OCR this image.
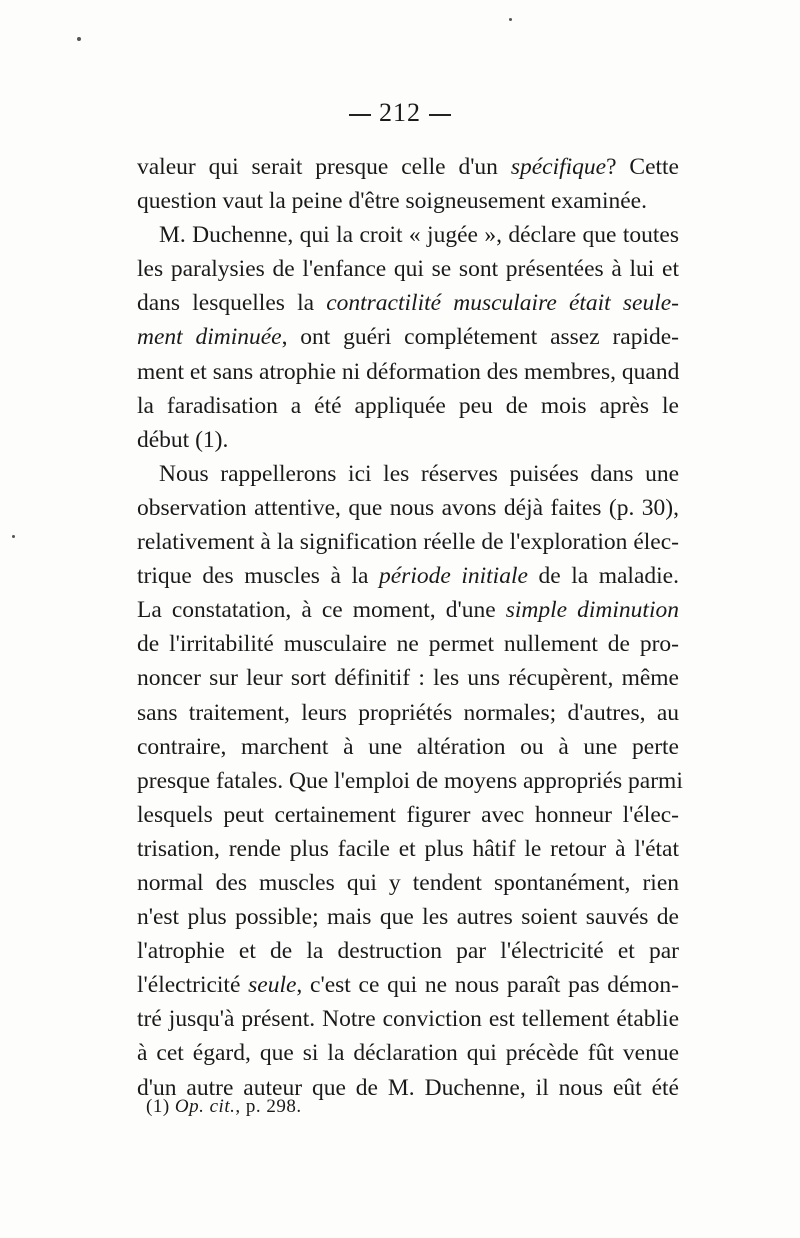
212
valeur qui serait presque celle d'un spécifique? Cette
question vaut la peine d'être soigneusement examinée.
M. Duchenne, qui la croit « jugée », déclare que toutes
les paralysies de l'enfance qui se sont présentées à lui et
dans lesquelles la contractilité musculaire était seule-
ment diminuée, ont guéri complétement assez rapide-
ment et sans atrophie ni déformation des membres, quand
la faradisation a été appliquée peu de mois après le
début (1).
Nous rappellerons ici les réserves puisées dans une
observation attentive, que nous avons déjà faites (p. 30),
relativement à la signification réelle de l'exploration élec-
trique des muscles à la période initiale de la maladie.
La constatation, à ce moment, d'une simple diminution
de l'irritabilité musculaire ne permet nullement de pro-
noncer sur leur sort définitif : les uns récupèrent, même
sans traitement, leurs propriétés normales; d'autres, au
contraire, marchent à une altération ou à une perte
presque fatales. Que l'emploi de moyens appropriés parmi
lesquels peut certainement figurer avec honneur l'élec-
trisation, rende plus facile et plus hâtif le retour à l'état
normal des muscles qui y tendent spontanément, rien
n'est plus possible; mais que les autres soient sauvés de
l'atrophie et de la destruction par l'électricité et par
l'électricité seule, c'est ce qui ne nous paraît pas démon-
tré jusqu'à présent. Notre conviction est tellement établie
à cet égard, que si la déclaration qui précède fût venue
d'un autre auteur que de M. Duchenne, il nous eût été
(1) Op. cit., p. 298.
